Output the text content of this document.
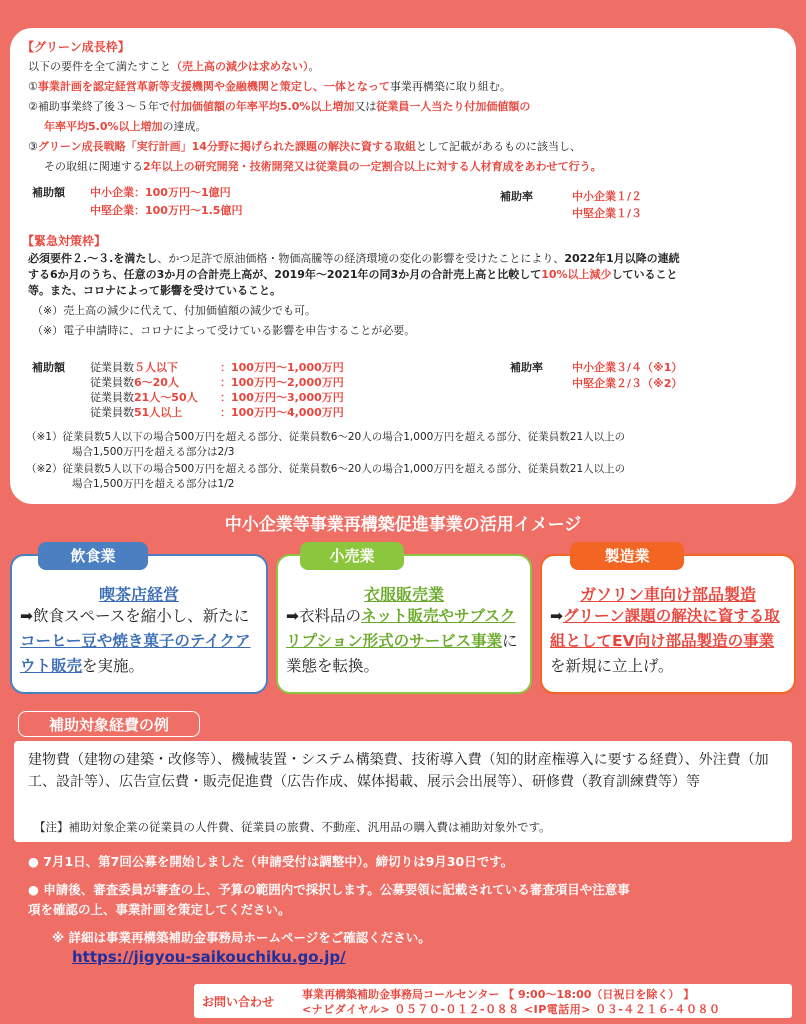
【グリーン成長枠】
以下の要件を全て満たすこと（売上高の減少は求めない）。
①事業計画を認定経営革新等支援機関や金融機関と策定し、一体となって事業再構築に取り組む。
②補助事業終了後３～５年で付加価値額の年率平均5.0%以上増加又は従業員一人当たり付加価値額の
年率平均5.0%以上増加の達成。
③グリーン成長戦略「実行計画」14分野に掲げられた課題の解決に資する取組として記載があるものに該当し、
その取組に関連する2年以上の研究開発・技術開発又は従業員の一定割合以上に対する人材育成をあわせて行う。
補助額 中小企業：100万円～1億円
中堅企業：100万円～1.5億円
補助率	中小企業１/２
中堅企業１/３
【緊急対策枠】
必須要件２.～３.を満たし、かつ足許で原油価格・物価高騰等の経済環境の変化の影響を受けたことにより、2022年1月以降の連続
する6か月のうち、任意の3か月の合計売上高が、2019年～2021年の同3か月の合計売上高と比較して10%以上減少していること
等。また、コロナによって影響を受けていること。
（※）売上高の減少に代えて、付加価値額の減少でも可。
（※）電子申請時に、コロナによって受けている影響を申告することが必要。
補助額 従業員数５人以下	：100万円～1,000万円
従業員数6～20人	：100万円～2,000万円
従業員数21人～50人 ：100万円～3,000万円
従業員数51人以上	：100万円～4,000万円
補助率	中小企業３/４（※1）
中堅企業２/３（※2）
（※1）従業員数5人以下の場合500万円を超える部分、従業員数6～20人の場合1,000万円を超える部分、従業員数21人以上の
場合1,500万円を超える部分は2/3
（※2）従業員数5人以下の場合500万円を超える部分、従業員数6～20人の場合1,000万円を超える部分、従業員数21人以上の
場合1,500万円を超える部分は1/2
中小企業等事業再構築促進事業の活用イメージ
飲食業
喫茶店経営
➡飲食スペースを縮小し、新たにコーヒー豆や焼き菓子のテイクアウト販売を実施。
小売業
衣服販売業
➡衣料品のネット販売やサブスクリプション形式のサービス事業に業態を転換。
製造業
ガソリン車向け部品製造
➡グリーン課題の解決に資する取組としてEV向け部品製造の事業を新規に立上げ。
補助対象経費の例
建物費（建物の建築・改修等）、機械装置・システム構築費、技術導入費（知的財産権導入に要する経費）、外注費（加工、設計等）、広告宣伝費・販売促進費（広告作成、媒体掲載、展示会出展等）、研修費（教育訓練費等）等
【注】補助対象企業の従業員の人件費、従業員の旅費、不動産、汎用品の購入費は補助対象外です。
● 7月1日、第7回公募を開始しました（申請受付は調整中）。締切りは9月30日です。
● 申請後、審査委員が審査の上、予算の範囲内で採択します。公募要領に記載されている審査項目や注意事
項を確認の上、事業計画を策定してください。
※ 詳細は事業再構築補助金事務局ホームページをご確認ください。
https://jigyou-saikouchiku.go.jp/
お問い合わせ
事業再構築補助金事務局コールセンター 【 9:00～18:00（日祝日を除く） 】
<ナビダイヤル> ０５７０-０１２-０８８ <IP電話用> ０３-４２１６-４０８０
